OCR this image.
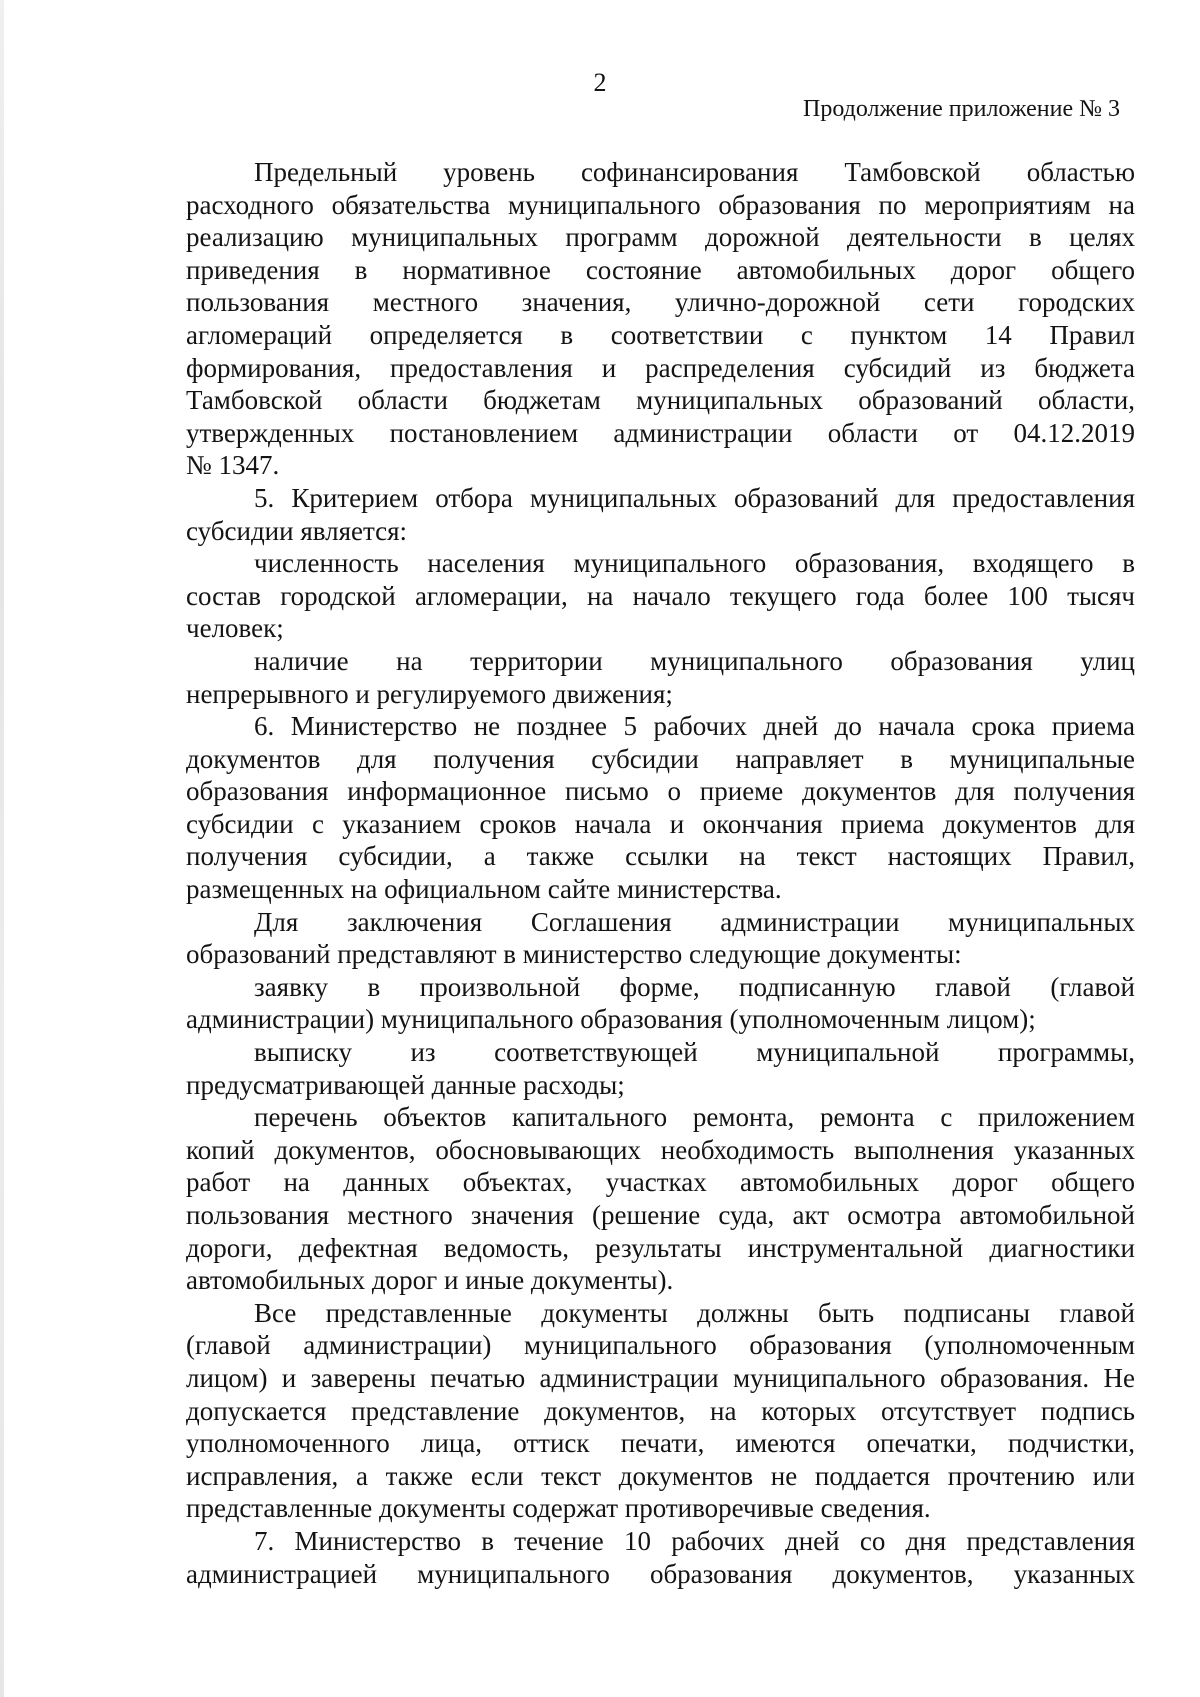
2
Продолжение приложение № 3
Предельный уровень софинансирования Тамбовской областью
расходного обязательства муниципального образования по мероприятиям на
реализацию муниципальных программ дорожной деятельности в целях
приведения в нормативное состояние автомобильных дорог общего
пользования местного значения, улично-дорожной сети городских
агломераций определяется в соответствии с пунктом 14 Правил
формирования, предоставления и распределения субсидий из бюджета
Тамбовской области бюджетам муниципальных образований области,
утвержденных постановлением администрации области от 04.12.2019
№ 1347.
5. Критерием отбора муниципальных образований для предоставления
субсидии является:
численность населения муниципального образования, входящего в
состав городской агломерации, на начало текущего года более 100 тысяч
человек;
наличие на территории муниципального образования улиц
непрерывного и регулируемого движения;
6. Министерство не позднее 5 рабочих дней до начала срока приема
документов для получения субсидии направляет в муниципальные
образования информационное письмо о приеме документов для получения
субсидии с указанием сроков начала и окончания приема документов для
получения субсидии, а также ссылки на текст настоящих Правил,
размещенных на официальном сайте министерства.
Для заключения Соглашения администрации муниципальных
образований представляют в министерство следующие документы:
заявку в произвольной форме, подписанную главой (главой
администрации) муниципального образования (уполномоченным лицом);
выписку из соответствующей муниципальной программы,
предусматривающей данные расходы;
перечень объектов капитального ремонта, ремонта с приложением
копий документов, обосновывающих необходимость выполнения указанных
работ на данных объектах, участках автомобильных дорог общего
пользования местного значения (решение суда, акт осмотра автомобильной
дороги, дефектная ведомость, результаты инструментальной диагностики
автомобильных дорог и иные документы).
Все представленные документы должны быть подписаны главой
(главой администрации) муниципального образования (уполномоченным
лицом) и заверены печатью администрации муниципального образования. Не
допускается представление документов, на которых отсутствует подпись
уполномоченного лица, оттиск печати, имеются опечатки, подчистки,
исправления, а также если текст документов не поддается прочтению или
представленные документы содержат противоречивые сведения.
7. Министерство в течение 10 рабочих дней со дня представления
администрацией муниципального образования документов, указанных
